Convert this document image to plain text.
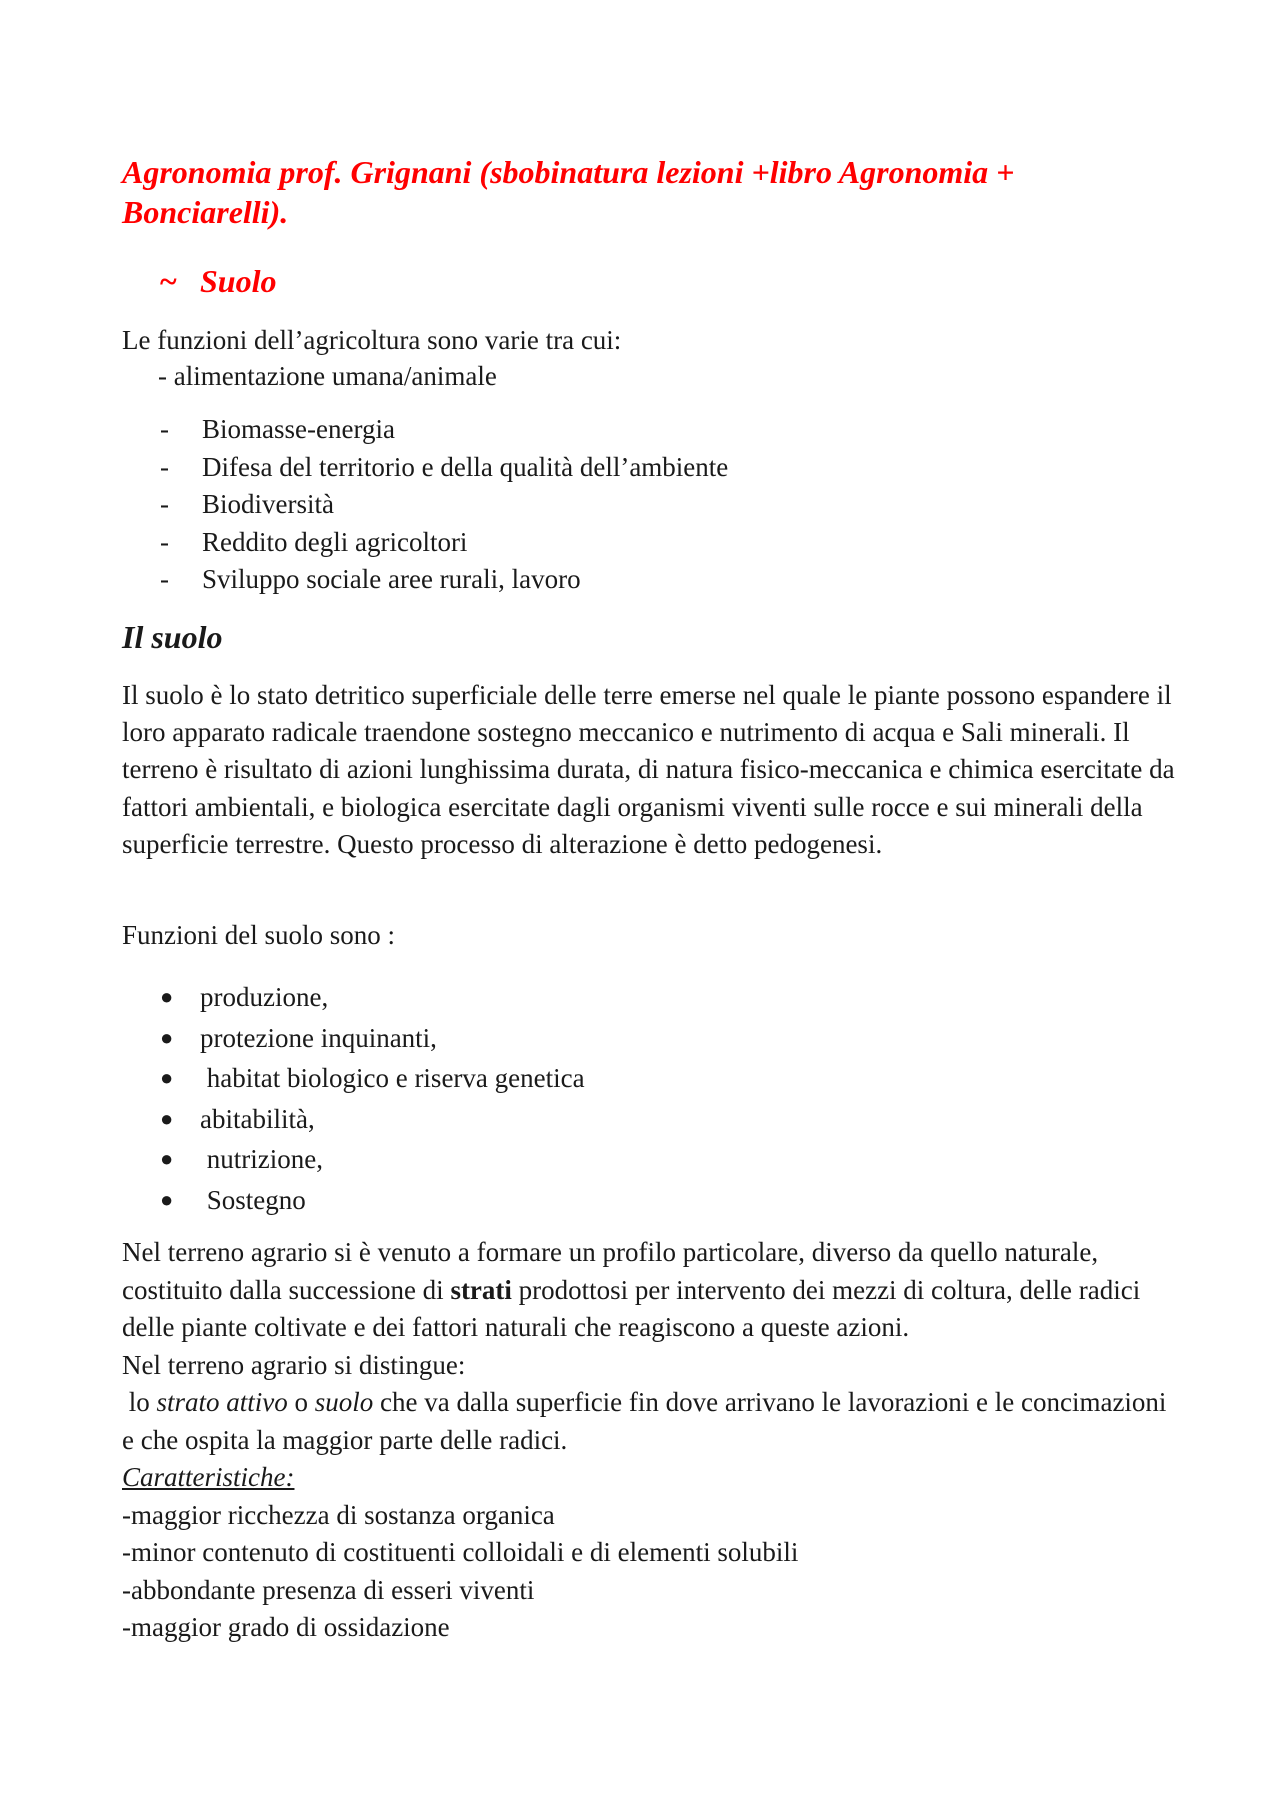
Agronomia prof. Grignani (sbobinatura lezioni +libro Agronomia + Bonciarelli).
~ Suolo

Le funzioni dell’agricoltura sono varie tra cui:

- alimentazione umana/animale

- Biomasse-energia
- Difesa del territorio e della qualità dell’ambiente
- Biodiversità
- Reddito degli agricoltori
- Sviluppo sociale aree rurali, lavoro
Il suolo

Il suolo è lo stato detritico superficiale delle terre emerse nel quale le piante possono espandere il loro apparato radicale traendone sostegno meccanico e nutrimento di acqua e Sali minerali. Il terreno è risultato di azioni lunghissima durata, di natura fisico-meccanica e chimica esercitate da fattori ambientali, e biologica esercitate dagli organismi viventi sulle rocce e sui minerali della superficie terrestre. Questo processo di alterazione è detto pedogenesi.

Funzioni del suolo sono :

● produzione,
● protezione inquinanti,
● habitat biologico e riserva genetica
● abitabilità,
● nutrizione,
● Sostegno
Nel terreno agrario si è venuto a formare un profilo particolare, diverso da quello naturale, costituito dalla successione di strati prodottosi per intervento dei mezzi di coltura, delle radici delle piante coltivate e dei fattori naturali che reagiscono a queste azioni.
Nel terreno agrario si distingue:
lo strato attivo o suolo che va dalla superficie fin dove arrivano le lavorazioni e le concimazioni e che ospita la maggior parte delle radici.
Caratteristiche:
-maggior ricchezza di sostanza organica
-minor contenuto di costituenti colloidali e di elementi solubili
-abbondante presenza di esseri viventi
-maggior grado di ossidazione
